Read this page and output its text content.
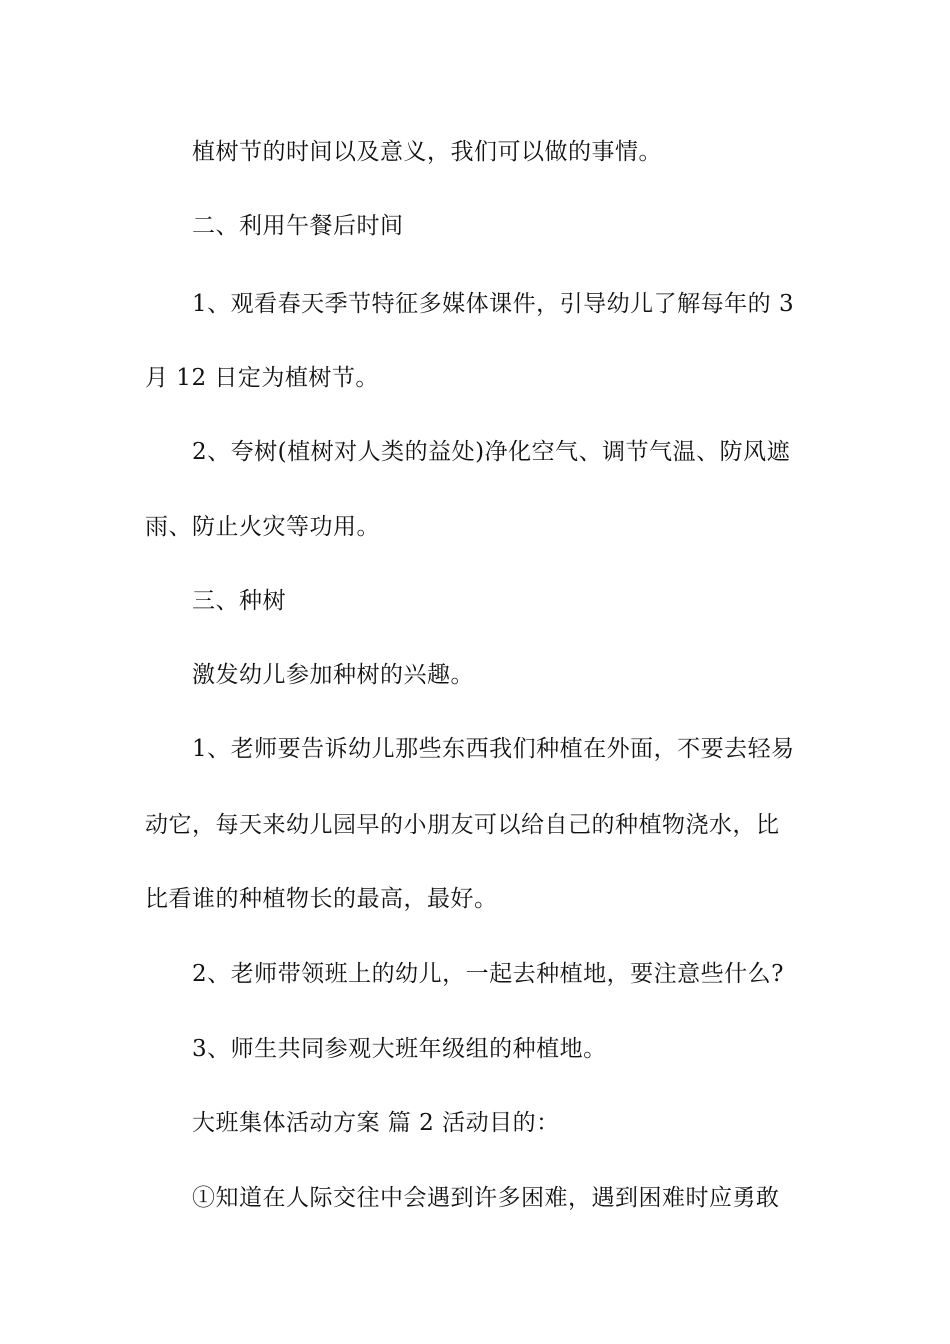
植树节的时间以及意义，我们可以做的事情。
二、利用午餐后时间
1、观看春天季节特征多媒体课件，引导幼儿了解每年的 3
月 12 日定为植树节。
2、夸树(植树对人类的益处)净化空气、调节气温、防风遮
雨、防止火灾等功用。
三、种树
激发幼儿参加种树的兴趣。
1、老师要告诉幼儿那些东西我们种植在外面，不要去轻易
动它，每天来幼儿园早的小朋友可以给自己的种植物浇水，比
比看谁的种植物长的最高，最好。
2、老师带领班上的幼儿，一起去种植地，要注意些什么?
3、师生共同参观大班年级组的种植地。
大班集体活动方案 篇 2 活动目的：
①知道在人际交往中会遇到许多困难，遇到困难时应勇敢
